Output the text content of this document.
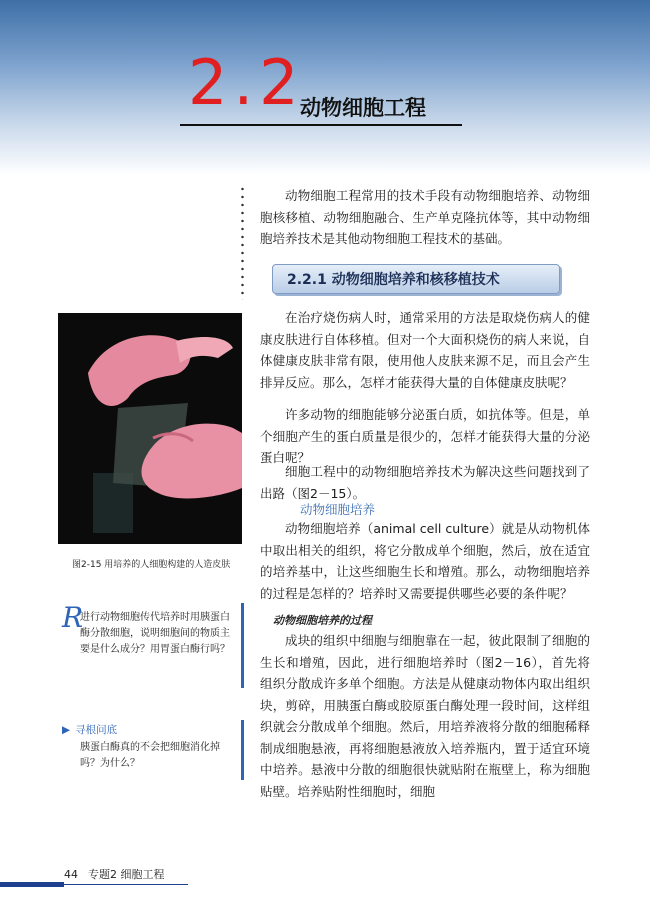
2.2
动物细胞工程

动物细胞工程常用的技术手段有动物细胞培养、动物细胞核移植、动物细胞融合、生产单克隆抗体等，其中动物细胞培养技术是其他动物细胞工程技术的基础。

2.2.1 动物细胞培养和核移植技术
图2-15 用培养的人细胞构建的人造皮肤

在治疗烧伤病人时，通常采用的方法是取烧伤病人的健康皮肤进行自体移植。但对一个大面积烧伤的病人来说，自体健康皮肤非常有限，使用他人皮肤来源不足，而且会产生排异反应。那么，怎样才能获得大量的自体健康皮肤呢？

许多动物的细胞能够分泌蛋白质，如抗体等。但是，单个细胞产生的蛋白质量是很少的，怎样才能获得大量的分泌蛋白呢？

细胞工程中的动物细胞培养技术为解决这些问题找到了出路（图2－15）。

动物细胞培养

动物细胞培养（animal cell culture）就是从动物机体中取出相关的组织，将它分散成单个细胞，然后，放在适宜的培养基中，让这些细胞生长和增殖。那么，动物细胞培养的过程是怎样的？培养时又需要提供哪些必要的条件呢？

动物细胞培养的过程

成块的组织中细胞与细胞靠在一起，彼此限制了细胞的生长和增殖，因此，进行细胞培养时（图2－16），首先将组织分散成许多单个细胞。方法是从健康动物体内取出组织块，剪碎，用胰蛋白酶或胶原蛋白酶处理一段时间，这样组织就会分散成单个细胞。然后，用培养液将分散的细胞稀释制成细胞悬液，再将细胞悬液放入培养瓶内，置于适宜环境中培养。悬液中分散的细胞很快就贴附在瓶壁上，称为细胞贴壁。培养贴附性细胞时，细胞

R

进行动物细胞传代培养时用胰蛋白酶分散细胞，说明细胞间的物质主要是什么成分？用胃蛋白酶行吗？

▶ 寻根问底

胰蛋白酶真的不会把细胞消化掉吗？为什么？

44 专题2 细胞工程
